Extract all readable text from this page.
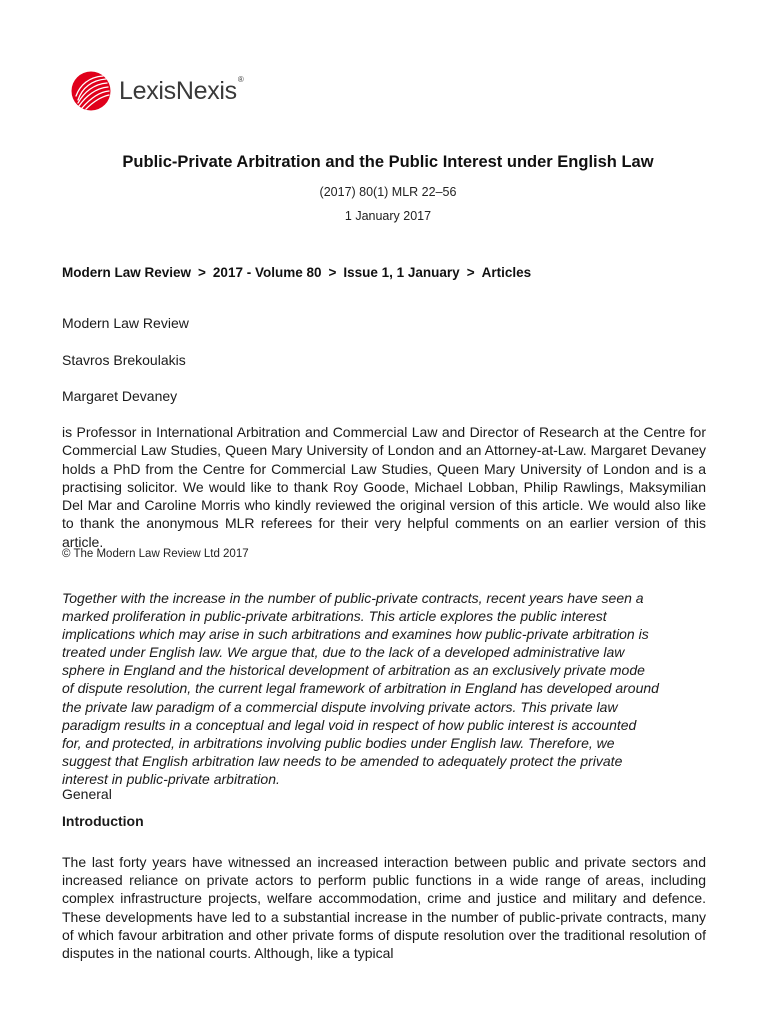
LexisNexis®
Public-Private Arbitration and the Public Interest under English Law
(2017) 80(1) MLR 22–56
1 January 2017
Modern Law Review > 2017 - Volume 80 > Issue 1, 1 January > Articles
Modern Law Review
Stavros Brekoulakis
Margaret Devaney

is Professor in International Arbitration and Commercial Law and Director of Research at the Centre for Commercial Law Studies, Queen Mary University of London and an Attorney-at-Law. Margaret Devaney holds a PhD from the Centre for Commercial Law Studies, Queen Mary University of London and is a practising solicitor. We would like to thank Roy Goode, Michael Lobban, Philip Rawlings, Maksymilian Del Mar and Caroline Morris who kindly reviewed the original version of this article. We would also like to thank the anonymous MLR referees for their very helpful comments on an earlier version of this article.

© The Modern Law Review Ltd 2017
Together with the increase in the number of public-private contracts, recent years have seen a
marked proliferation in public-private arbitrations. This article explores the public interest
implications which may arise in such arbitrations and examines how public-private arbitration is
treated under English law. We argue that, due to the lack of a developed administrative law
sphere in England and the historical development of arbitration as an exclusively private mode
of dispute resolution, the current legal framework of arbitration in England has developed around
the private law paradigm of a commercial dispute involving private actors. This private law
paradigm results in a conceptual and legal void in respect of how public interest is accounted
for, and protected, in arbitrations involving public bodies under English law. Therefore, we
suggest that English arbitration law needs to be amended to adequately protect the private
interest in public-private arbitration.
General
Introduction

The last forty years have witnessed an increased interaction between public and private sectors and increased reliance on private actors to perform public functions in a wide range of areas, including complex infrastructure projects, welfare accommodation, crime and justice and military and defence. These developments have led to a substantial increase in the number of public-private contracts, many of which favour arbitration and other private forms of dispute resolution over the traditional resolution of disputes in the national courts. Although, like a typical
